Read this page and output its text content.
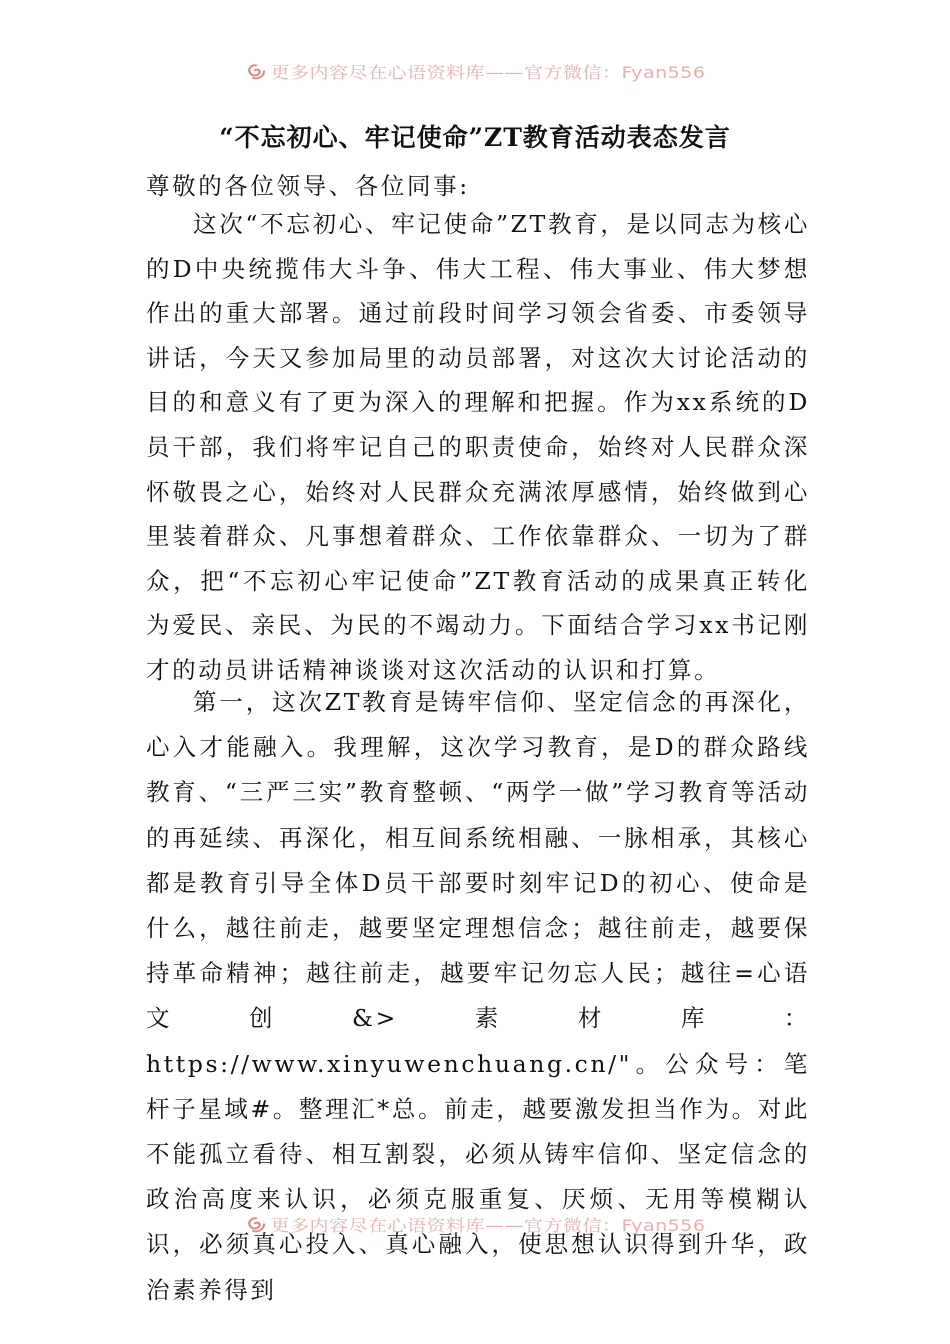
更多内容尽在心语资料库——官方微信：Fyan556
“不忘初心、牢记使命”ZT教育活动表态发言
尊敬的各位领导、各位同事:
这次“不忘初心、牢记使命”ZT教育，是以同志为核心的D中央统揽伟大斗争、伟大工程、伟大事业、伟大梦想作出的重大部署。通过前段时间学习领会省委、市委领导讲话，今天又参加局里的动员部署，对这次大讨论活动的目的和意义有了更为深入的理解和把握。作为xx系统的D员干部，我们将牢记自己的职责使命，始终对人民群众深怀敬畏之心，始终对人民群众充满浓厚感情，始终做到心里装着群众、凡事想着群众、工作依靠群众、一切为了群众，把“不忘初心牢记使命”ZT教育活动的成果真正转化为爱民、亲民、为民的不竭动力。下面结合学习xx书记刚才的动员讲话精神谈谈对这次活动的认识和打算。
第一，这次ZT教育是铸牢信仰、坚定信念的再深化，心入才能融入。我理解，这次学习教育，是D的群众路线教育、“三严三实”教育整顿、“两学一做”学习教育等活动的再延续、再深化，相互间系统相融、一脉相承，其核心都是教育引导全体D员干部要时刻牢记D的初心、使命是什么，越往前走，越要坚定理想信念；越往前走，越要保持革命精神；越往前走，越要牢记勿忘人民；越往=心语文创&>素材库：https://www.xinyuwenchuang.cn/"。公众号：笔杆子星域#。整理汇*总。前走，越要激发担当作为。对此不能孤立看待、相互割裂，必须从铸牢信仰、坚定信念的政治高度来认识，必须克服重复、厌烦、无用等模糊认识，必须真心投入、真心融入，使思想认识得到升华，政治素养得到
更多内容尽在心语资料库——官方微信：Fyan556
